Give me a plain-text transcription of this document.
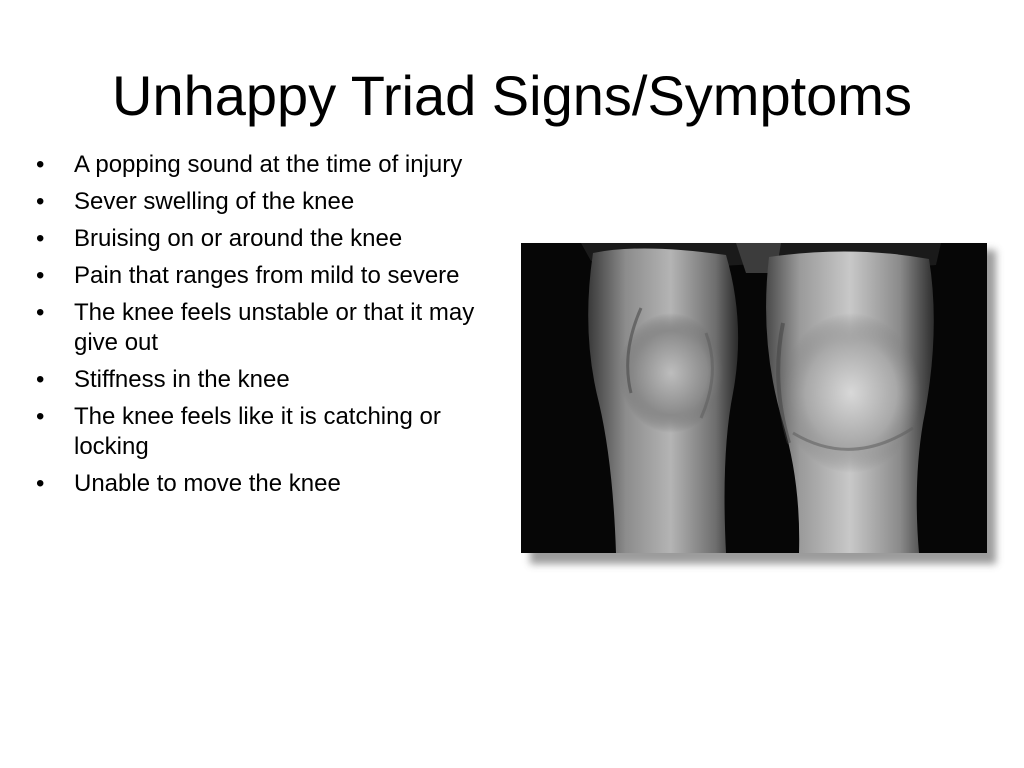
Unhappy Triad Signs/Symptoms
•	A popping sound at the time of injury
•	Sever swelling of the knee
•	Bruising on or around the knee
•	Pain that ranges from mild to severe
•	The knee feels unstable or that it may give out
•	Stiffness in the knee
•	The knee feels like it is catching or locking
•	Unable to move the knee
